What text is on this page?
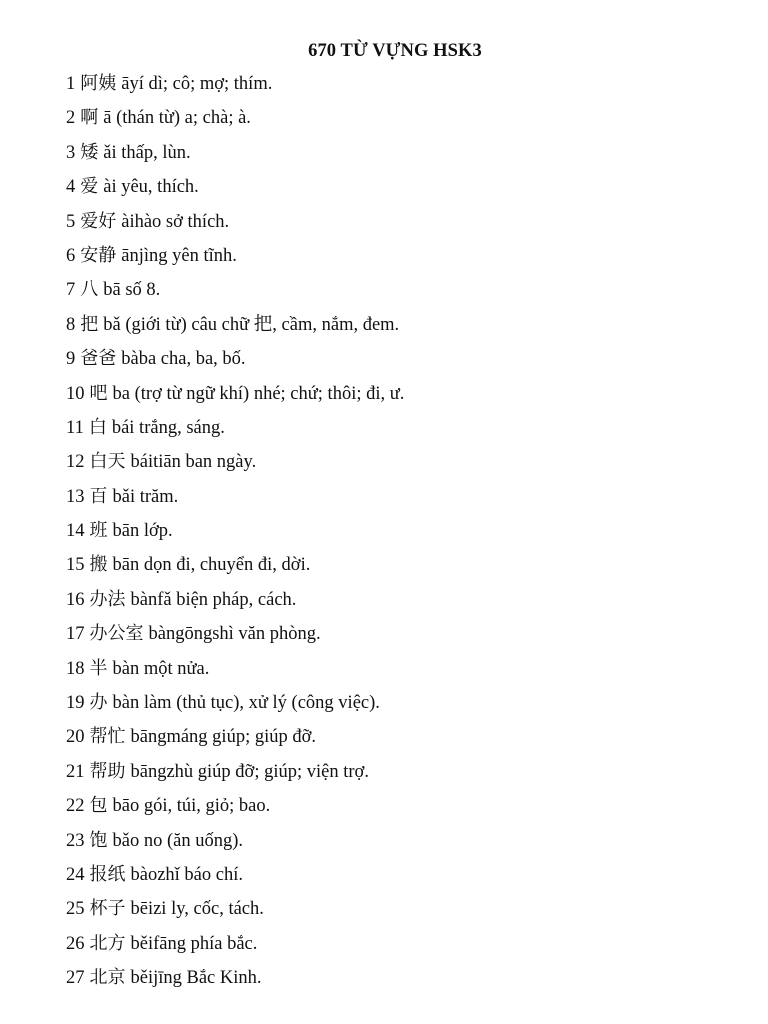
670 TỪ VỰNG HSK3
1 阿姨 āyí dì; cô; mợ; thím.
2 啊 ā (thán từ) a; chà; à.
3 矮 ǎi thấp, lùn.
4 爱 ài yêu, thích.
5 爱好 àihào sở thích.
6 安静 ānjìng yên tĩnh.
7 八 bā số 8.
8 把 bǎ (giới từ) câu chữ 把, cầm, nắm, đem.
9 爸爸 bàba cha, ba, bố.
10 吧 ba (trợ từ ngữ khí) nhé; chứ; thôi; đi, ư.
11 白 bái trắng, sáng.
12 白天 báitiān ban ngày.
13 百 bǎi trăm.
14 班 bān lớp.
15 搬 bān dọn đi, chuyển đi, dời.
16 办法 bànfǎ biện pháp, cách.
17 办公室 bàngōngshì văn phòng.
18 半 bàn một nửa.
19 办 bàn làm (thủ tục), xử lý (công việc).
20 帮忙 bāngmáng giúp; giúp đỡ.
21 帮助 bāngzhù giúp đỡ; giúp; viện trợ.
22 包 bāo gói, túi, giỏ; bao.
23 饱 bǎo no (ăn uống).
24 报纸 bàozhǐ báo chí.
25 杯子 bēizi ly, cốc, tách.
26 北方 běifāng phía bắc.
27 北京 běijīng Bắc Kinh.
